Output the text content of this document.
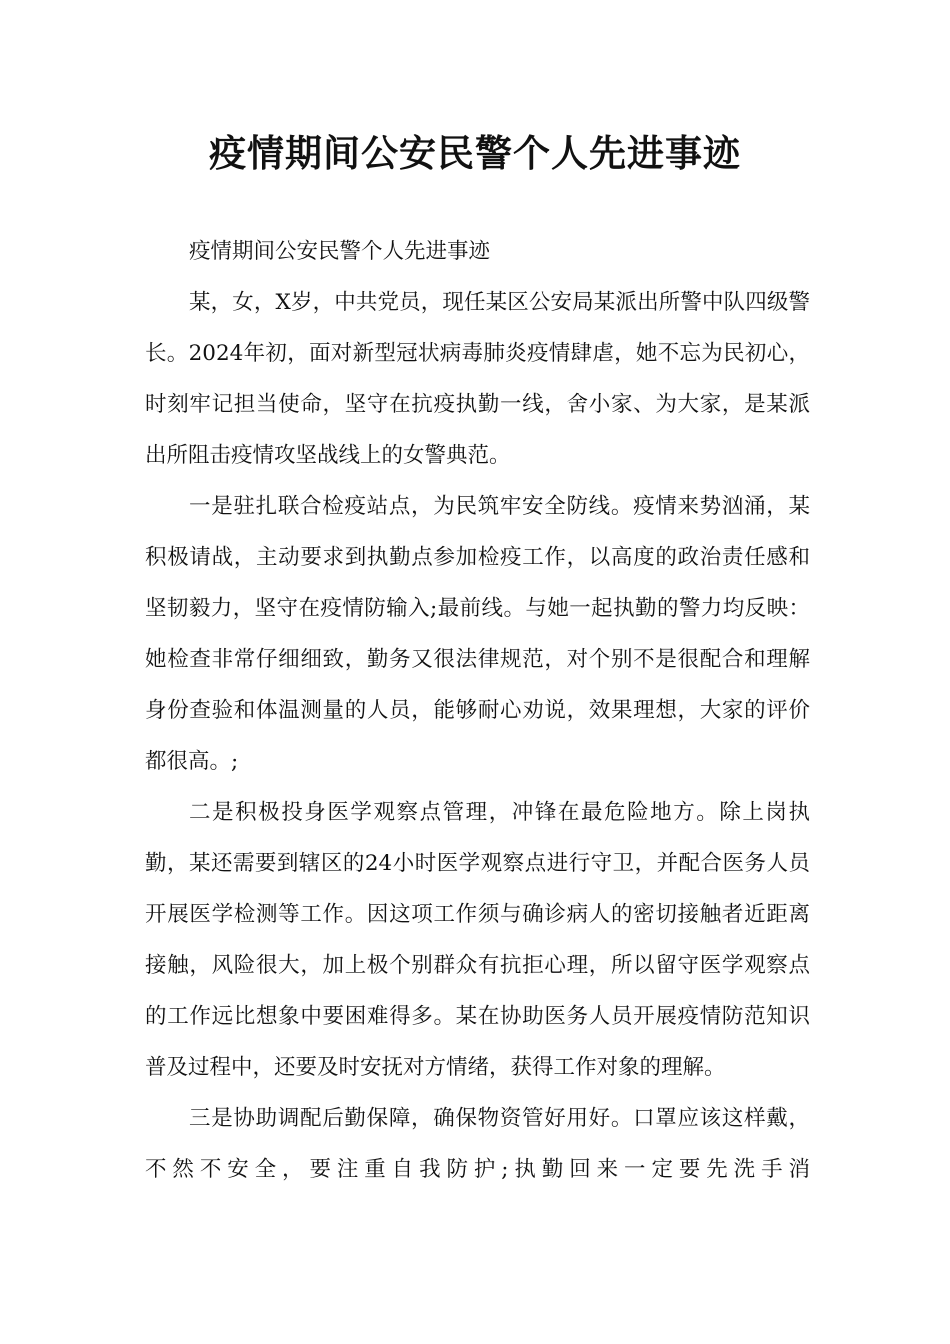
疫情期间公安民警个人先进事迹

疫情期间公安民警个人先进事迹

某，女，X岁，中共党员，现任某区公安局某派出所警中队四级警长。2024年初，面对新型冠状病毒肺炎疫情肆虐，她不忘为民初心，时刻牢记担当使命，坚守在抗疫执勤一线，舍小家、为大家，是某派出所阻击疫情攻坚战线上的女警典范。

一是驻扎联合检疫站点，为民筑牢安全防线。疫情来势汹涌，某积极请战，主动要求到执勤点参加检疫工作，以高度的政治责任感和坚韧毅力，坚守在疫情防输入;最前线。与她一起执勤的警力均反映：她检查非常仔细细致，勤务又很法律规范，对个别不是很配合和理解身份查验和体温测量的人员，能够耐心劝说，效果理想，大家的评价都很高。;

二是积极投身医学观察点管理，冲锋在最危险地方。除上岗执勤，某还需要到辖区的24小时医学观察点进行守卫，并配合医务人员开展医学检测等工作。因这项工作须与确诊病人的密切接触者近距离接触，风险很大，加上极个别群众有抗拒心理，所以留守医学观察点的工作远比想象中要困难得多。某在协助医务人员开展疫情防范知识普及过程中，还要及时安抚对方情绪，获得工作对象的理解。

三是协助调配后勤保障，确保物资管好用好。口罩应该这样戴，不然不安全，要注重自我防护;执勤回来一定要先洗手消
